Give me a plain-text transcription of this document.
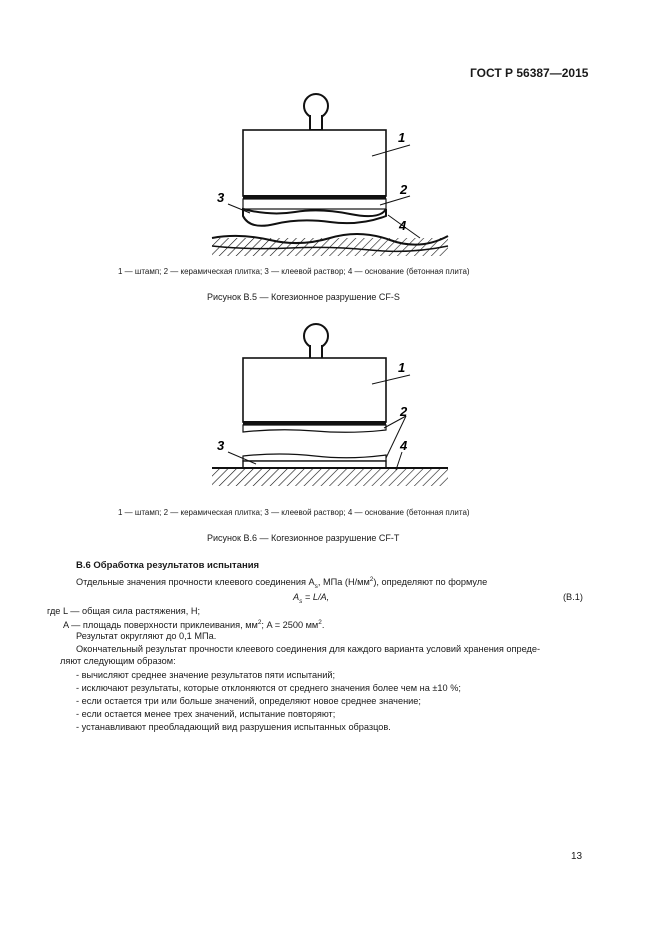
ГОСТ Р 56387—2015
1
2
3
4
1 — штамп; 2 — керамическая плитка; 3 — клеевой раствор; 4 — основание (бетонная плита)
Рисунок В.5 — Когезионное разрушение CF-S
1
2
3	4
1 — штамп; 2 — керамическая плитка; 3 — клеевой раствор; 4 — основание (бетонная плита)
Рисунок В.6 — Когезионное разрушение CF-T
В.6 Обработка результатов испытания
Отдельные значения прочности клеевого соединения $A_s$, МПа $(Н/мм^2)$, определяют по формуле
$A_s = L/A$,	(В.1)
где L — общая сила растяжения, Н;
A — площадь поверхности приклеивания, $мм^2$; A = 2500 $мм^2$.
Результат округляют до 0,1 МПа.
Окончательный результат прочности клеевого соединения для каждого варианта условий хранения опреде-
ляют следующим образом:
- вычисляют среднее значение результатов пяти испытаний;
- исключают результаты, которые отклоняются от среднего значения более чем на ±10 %;
- если остается три или больше значений, определяют новое среднее значение;
- если остается менее трех значений, испытание повторяют;
- устанавливают преобладающий вид разрушения испытанных образцов.
13
